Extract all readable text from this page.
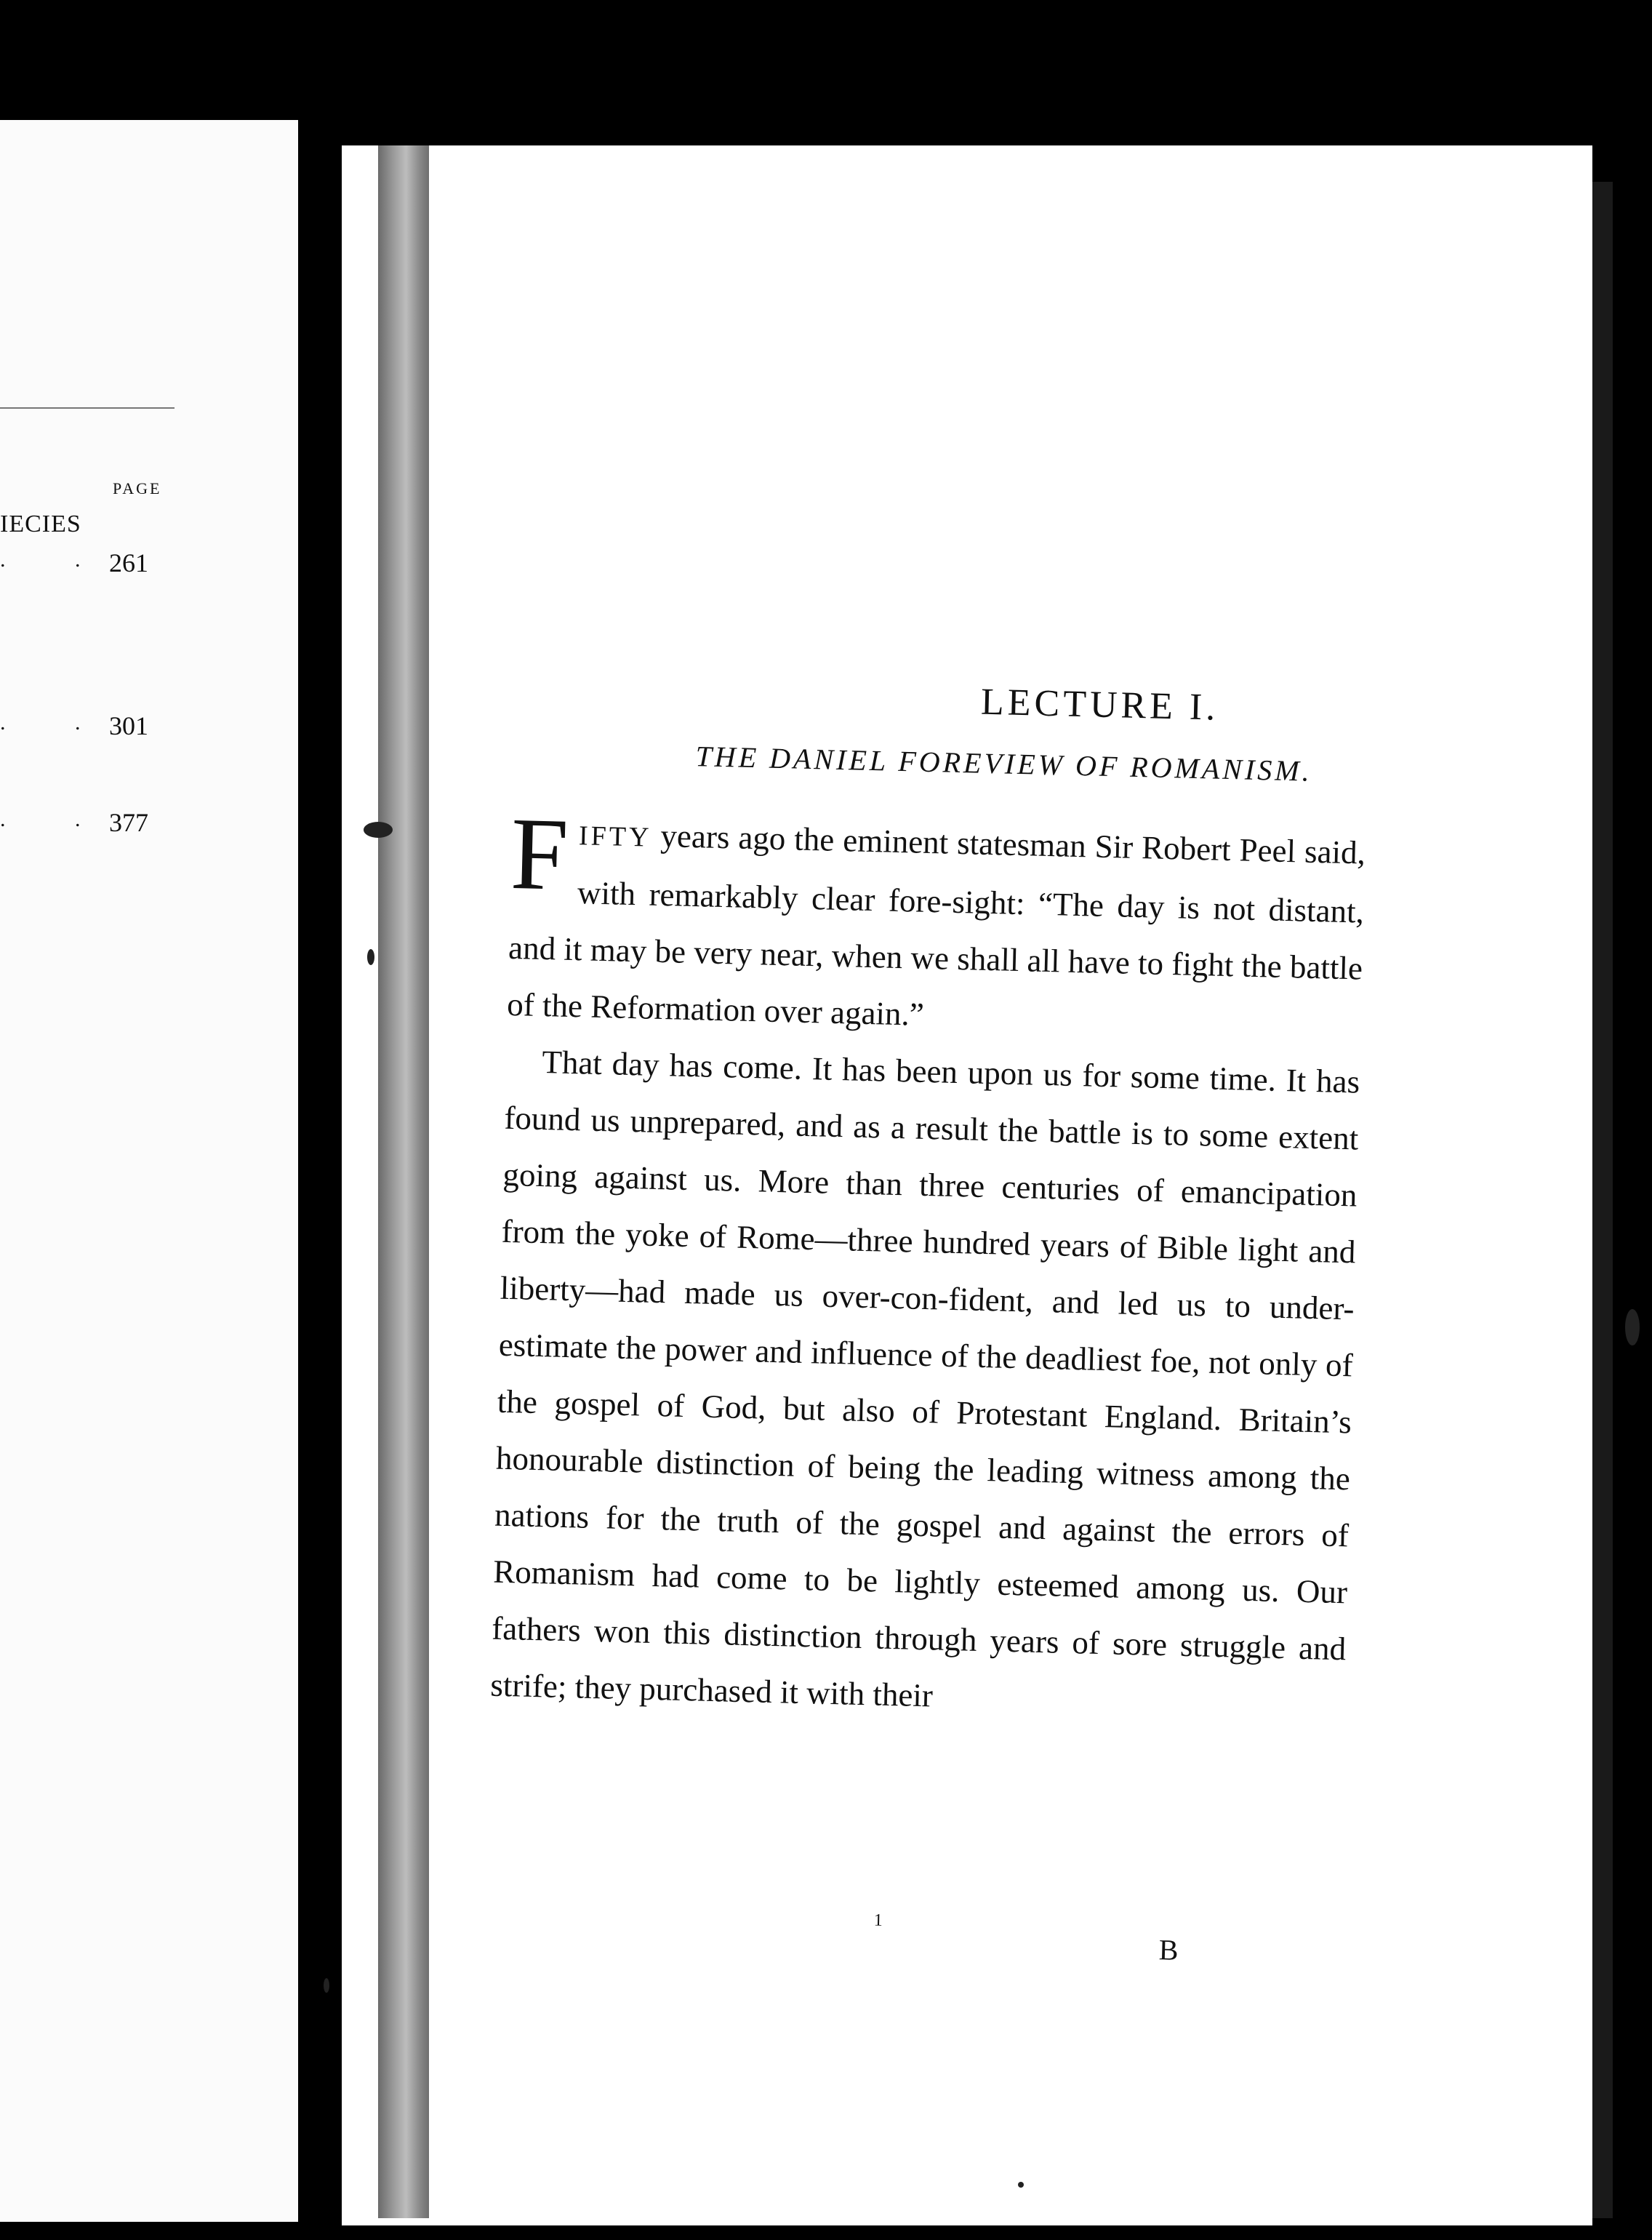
PAGE
IECIES
. .
261
. .
301
. .
377
LECTURE I.
THE DANIEL FOREVIEW OF ROMANISM.

FIFTY years ago the eminent statesman Sir Robert Peel said, with remarkably clear fore-sight: “The day is not distant, and it may be very near, when we shall all have to fight the battle of the Reformation over again.”

That day has come. It has been upon us for some time. It has found us unprepared, and as a result the battle is to some extent going against us. More than three centuries of emancipation from the yoke of Rome—three hundred years of Bible light and liberty—had made us over-con-fident, and led us to under-estimate the power and influence of the deadliest foe, not only of the gospel of God, but also of Protestant England. Britain’s honourable distinction of being the leading witness among the nations for the truth of the gospel and against the errors of Romanism had come to be lightly esteemed among us. Our fathers won this distinction through years of sore struggle and strife; they purchased it with their

1
B
